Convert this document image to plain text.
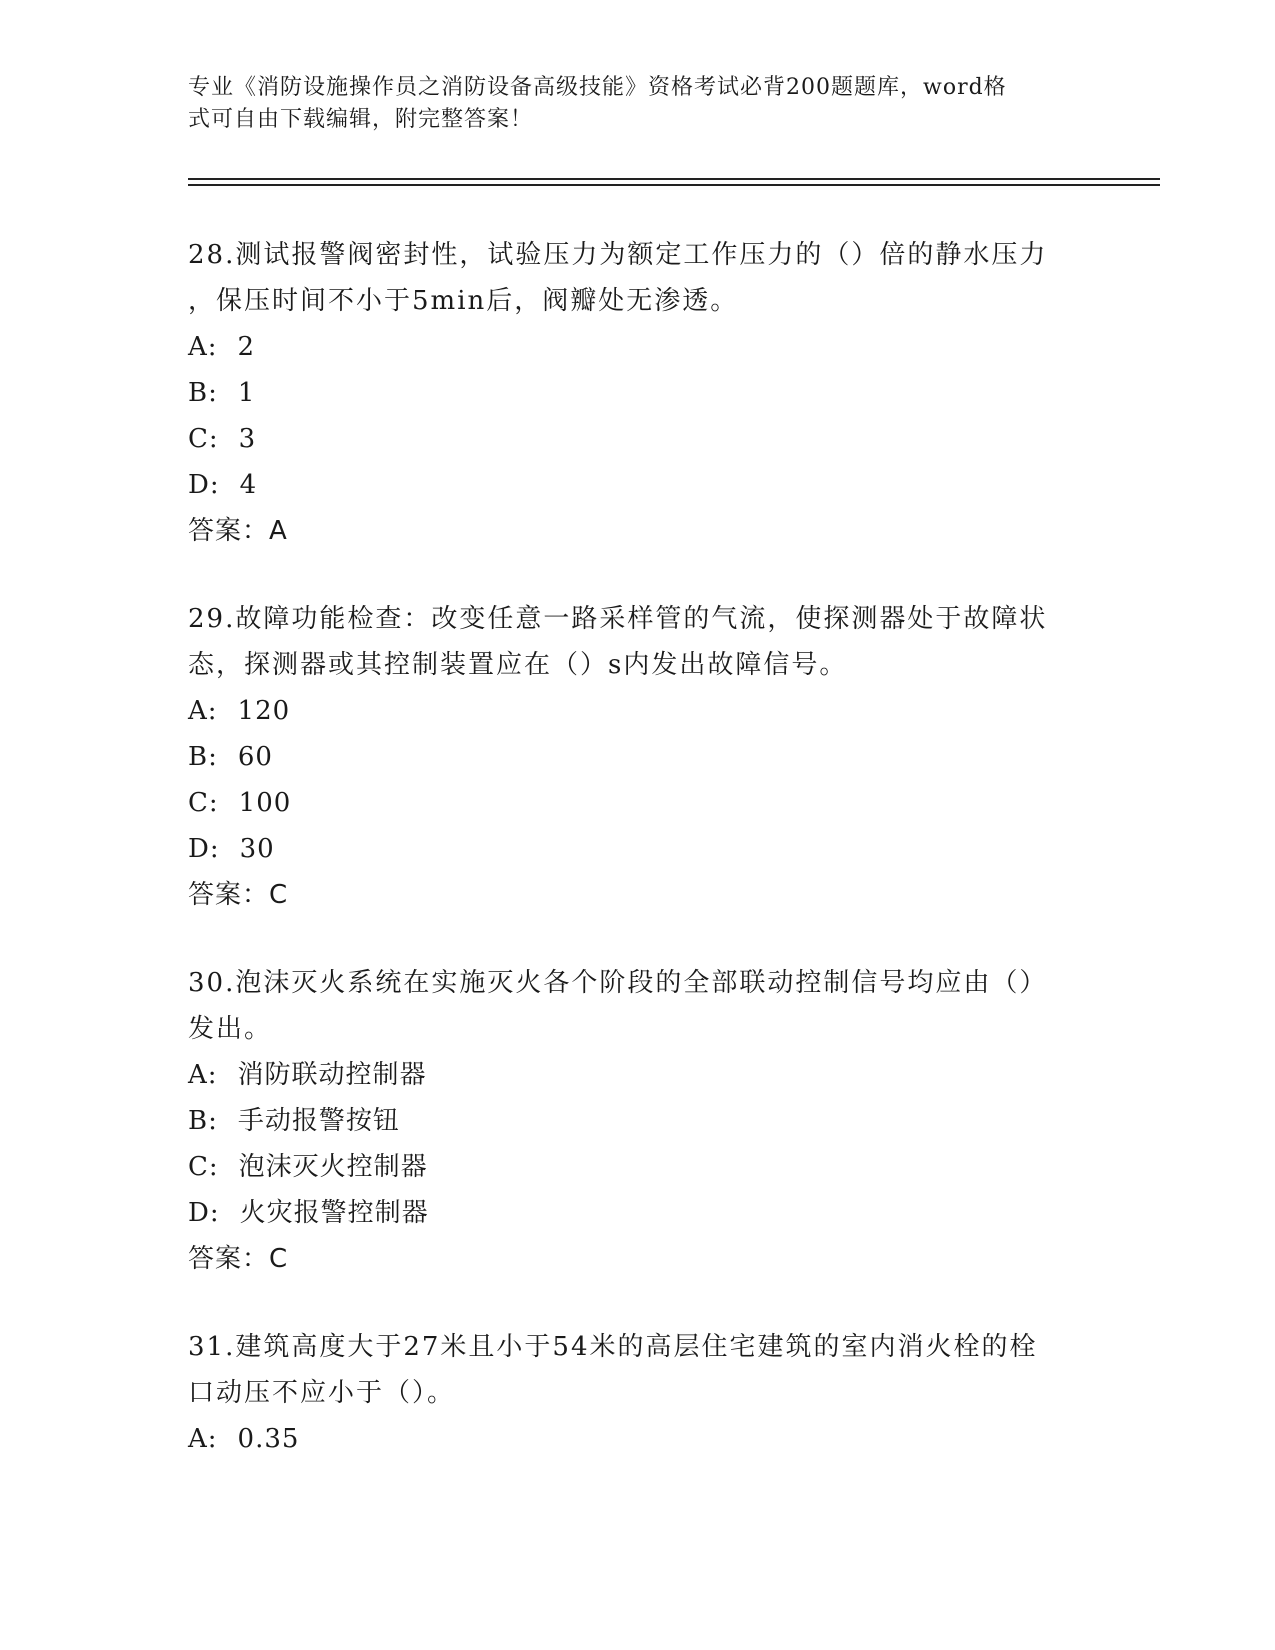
专业《消防设施操作员之消防设备高级技能》资格考试必背200题题库，word格
式可自由下载编辑，附完整答案！
28.测试报警阀密封性，试验压力为额定工作压力的（）倍的静水压力
，保压时间不小于5min后，阀瓣处无渗透。
A: 2
B: 1
C: 3
D: 4
答案：A
29.故障功能检查：改变任意一路采样管的气流，使探测器处于故障状
态，探测器或其控制装置应在（）s内发出故障信号。
A: 120
B: 60
C: 100
D: 30
答案：C
30.泡沫灭火系统在实施灭火各个阶段的全部联动控制信号均应由（）
发出。
A: 消防联动控制器
B: 手动报警按钮
C: 泡沫灭火控制器
D: 火灾报警控制器
答案：C
31.建筑高度大于27米且小于54米的高层住宅建筑的室内消火栓的栓
口动压不应小于（）。
A: 0.35
